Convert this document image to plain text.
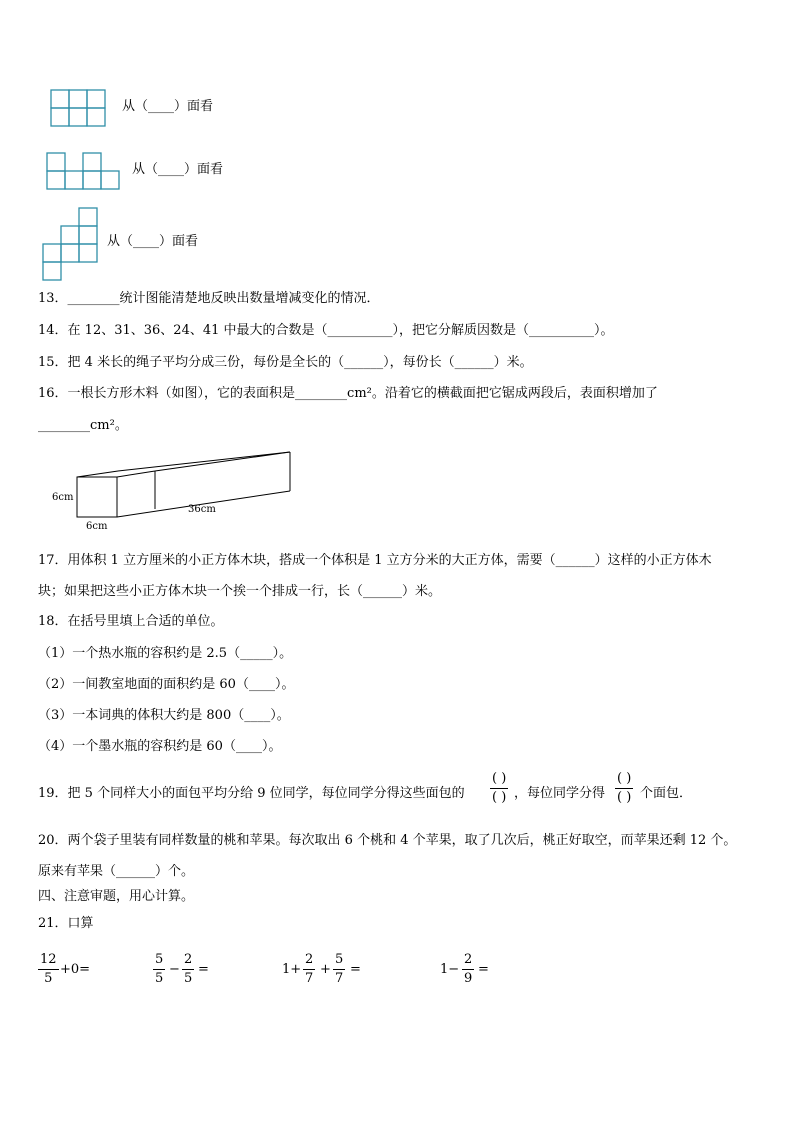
从（____）面看
从（____）面看
从（____）面看
13．________统计图能清楚地反映出数量增减变化的情况．
14．在 12、31、36、24、41 中最大的合数是（__________），把它分解质因数是（__________）。
15．把 4 米长的绳子平均分成三份，每份是全长的（______），每份长（______）米。
16．一根长方形木料（如图），它的表面积是________cm²。沿着它的横截面把它锯成两段后，表面积增加了
________cm²。
6cm
6cm
36cm
17．用体积 1 立方厘米的小正方体木块，搭成一个体积是 1 立方分米的大正方体，需要（______）这样的小正方体木
块；如果把这些小正方体木块一个挨一个排成一行，长（______）米。
18．在括号里填上合适的单位。
（1）一个热水瓶的容积约是 2.5（_____）。
（2）一间教室地面的面积约是 60（____）。
（3）一本词典的体积大约是 800（____）。
（4）一个墨水瓶的容积约是 60（____）。
19．把 5 个同样大小的面包平均分给 9 位同学，每位同学分得这些面包的
( )
( ) ，每位同学分得
( )
( ) 个面包．
20．两个袋子里装有同样数量的桃和苹果。每次取出 6 个桃和 4 个苹果，取了几次后，桃正好取空，而苹果还剩 12 个。
原来有苹果（______）个。
四、注意审题，用心计算。
21．口算
12
5
+0=
5
5
−
2
5
=	1+
2
7
+
5
7
=	1−
2
9
=
